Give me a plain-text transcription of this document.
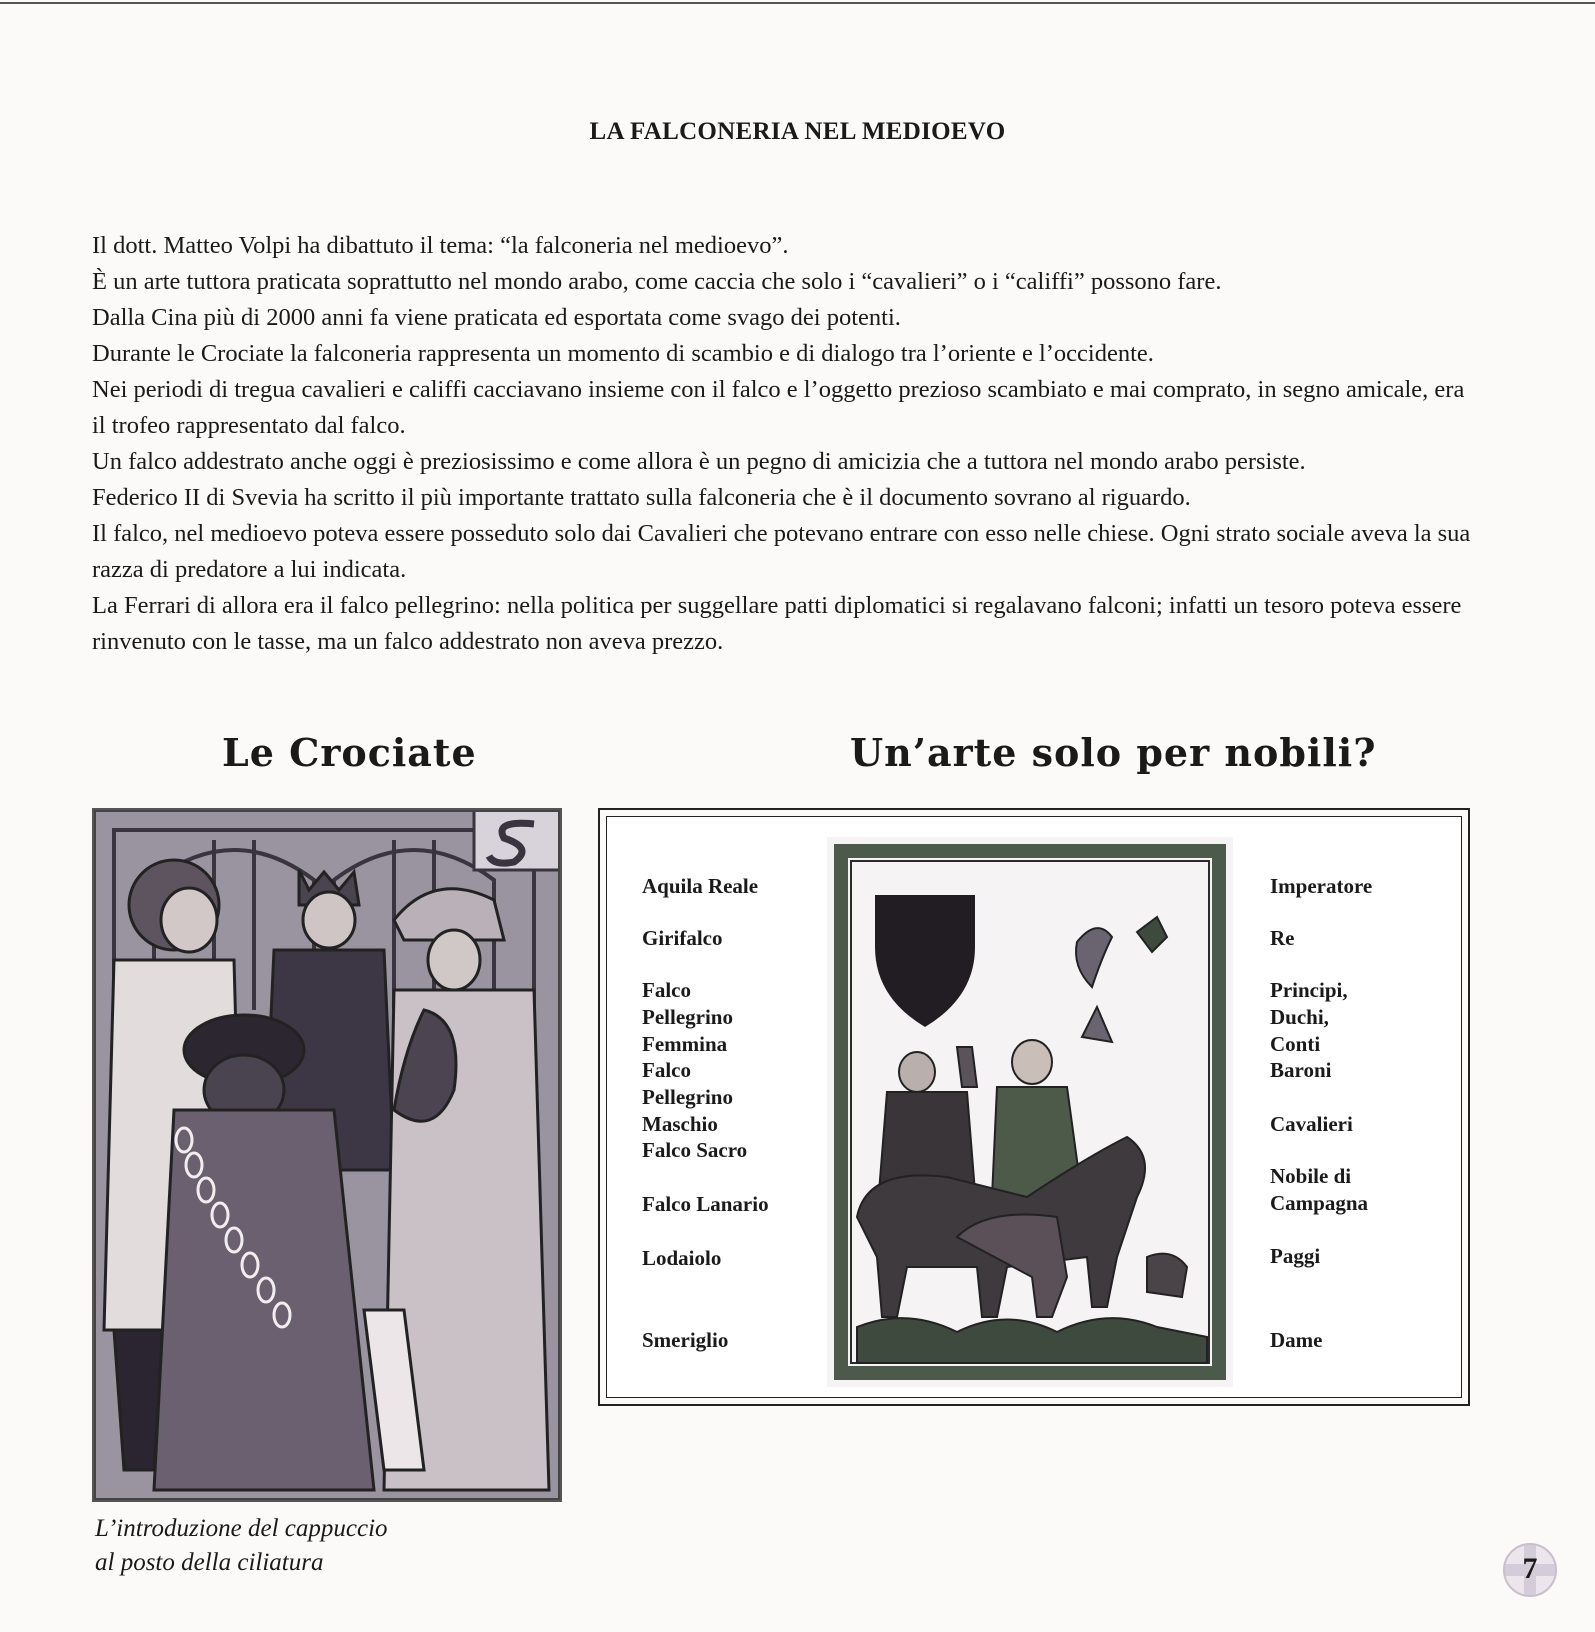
LA FALCONERIA NEL MEDIOEVO

Il dott. Matteo Volpi ha dibattuto il tema: “la falconeria nel medioevo”.

È un arte tuttora praticata soprattutto nel mondo arabo, come caccia che solo i “cavalieri” o i “califfi” possono fare.

Dalla Cina più di 2000 anni fa viene praticata ed esportata come svago dei potenti.

Durante le Crociate la falconeria rappresenta un momento di scambio e di dialogo tra l’oriente e l’occidente.

Nei periodi di tregua cavalieri e califfi cacciavano insieme con il falco e l’oggetto prezioso scambiato e mai comprato, in segno amicale, era il trofeo rappresentato dal falco.

Un falco addestrato anche oggi è preziosissimo e come allora è un pegno di amicizia che a tuttora nel mondo arabo persiste.

Federico II di Svevia ha scritto il più importante trattato sulla falconeria che è il documento sovrano al riguardo.

Il falco, nel medioevo poteva essere posseduto solo dai Cavalieri che potevano entrare con esso nelle chiese. Ogni strato sociale aveva la sua razza di predatore a lui indicata.

La Ferrari di allora era il falco pellegrino: nella politica per suggellare patti diplomatici si regalavano falconi; infatti un tesoro poteva essere rinvenuto con le tasse, ma un falco addestrato non aveva prezzo.

Le Crociate	Un’arte solo per nobili?
L’introduzione del cappuccio
al posto della ciliatura
Aquila Reale
Girifalco
Falco Pellegrino
Femmina
Falco Pellegrino
Maschio
Falco Sacro
Falco Lanario
Lodaiolo
Smeriglio
Imperatore
Re
Principi,
Duchi, Conti
Baroni
Cavalieri
Nobile di
Campagna
Paggi
Dame
7
